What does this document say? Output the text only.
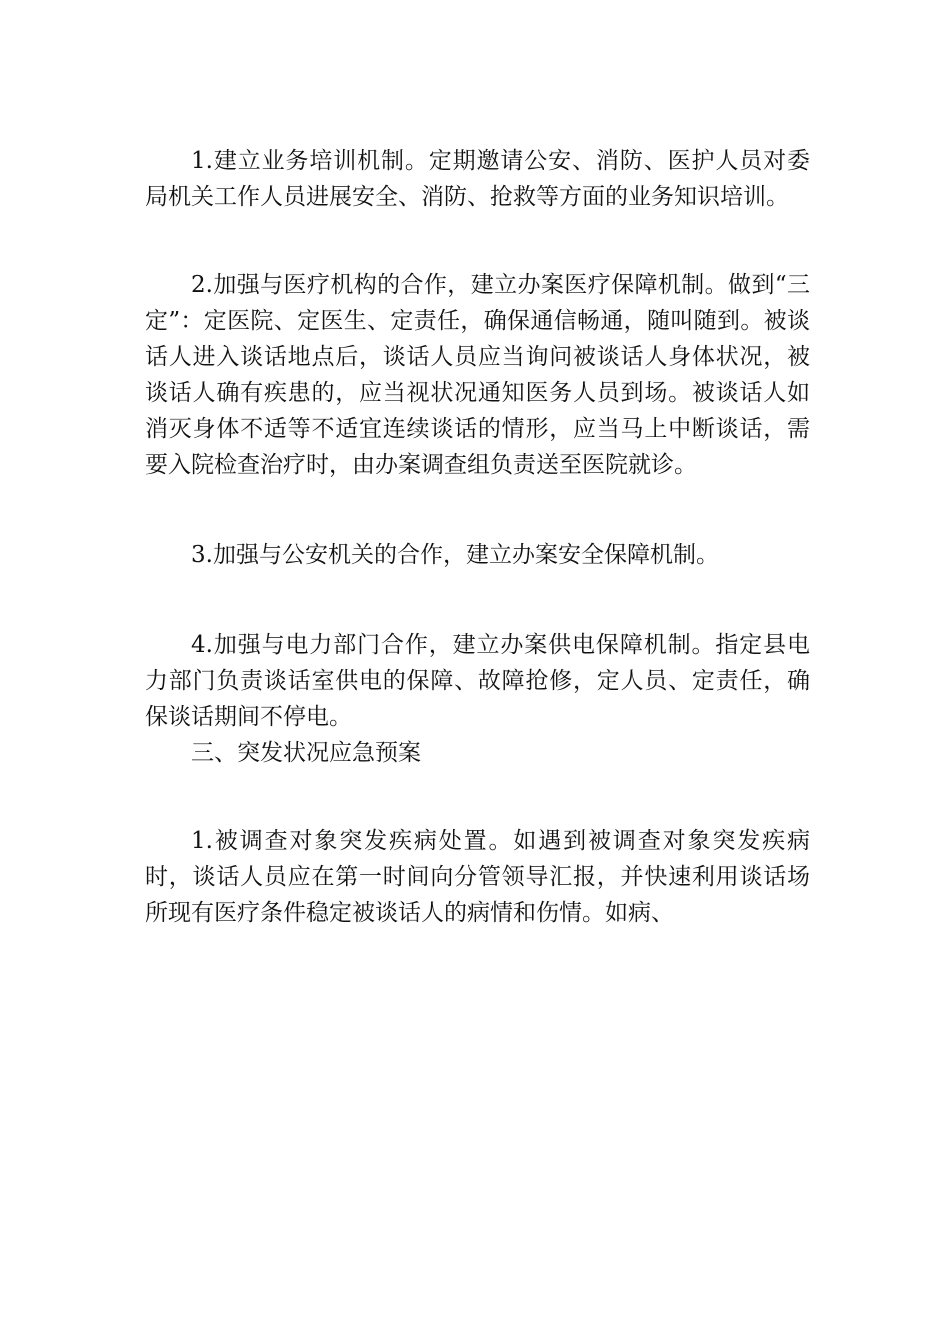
1.建立业务培训机制。定期邀请公安、消防、医护人员对委局机关工作人员进展安全、消防、抢救等方面的业务知识培训。

2.加强与医疗机构的合作，建立办案医疗保障机制。做到“三定”：定医院、定医生、定责任，确保通信畅通，随叫随到。被谈话人进入谈话地点后，谈话人员应当询问被谈话人身体状况，被谈话人确有疾患的，应当视状况通知医务人员到场。被谈话人如消灭身体不适等不适宜连续谈话的情形，应当马上中断谈话，需要入院检查治疗时，由办案调查组负责送至医院就诊。

3.加强与公安机关的合作，建立办案安全保障机制。

4.加强与电力部门合作，建立办案供电保障机制。指定县电力部门负责谈话室供电的保障、故障抢修，定人员、定责任，确保谈话期间不停电。

三、突发状况应急预案

1.被调查对象突发疾病处置。如遇到被调查对象突发疾病时，谈话人员应在第一时间向分管领导汇报，并快速利用谈话场所现有医疗条件稳定被谈话人的病情和伤情。如病、
